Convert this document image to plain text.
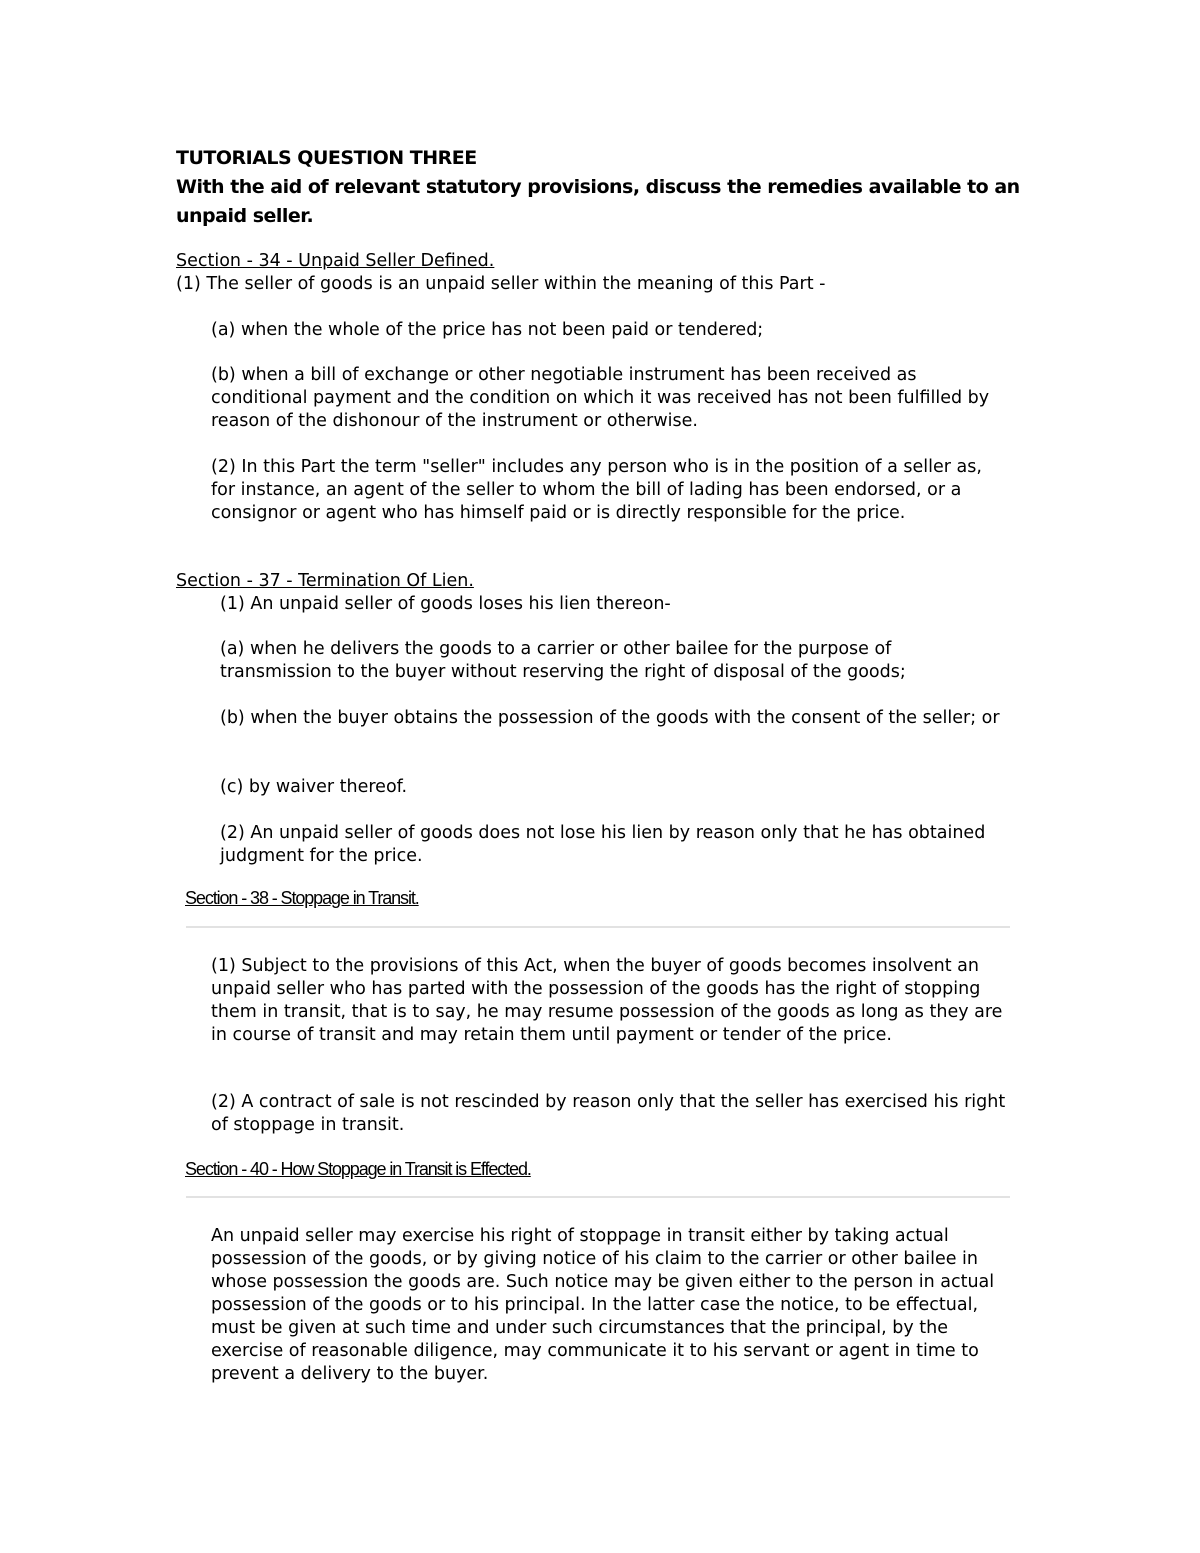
TUTORIALS QUESTION THREE
With the aid of relevant statutory provisions, discuss the remedies available to an unpaid seller.
Section - 34 - Unpaid Seller Defined.
(1) The seller of goods is an unpaid seller within the meaning of this Part -
(a) when the whole of the price has not been paid or tendered;
(b) when a bill of exchange or other negotiable instrument has been received as conditional payment and the condition on which it was received has not been fulfilled by reason of the dishonour of the instrument or otherwise.
(2) In this Part the term "seller" includes any person who is in the position of a seller as, for instance, an agent of the seller to whom the bill of lading has been endorsed, or a consignor or agent who has himself paid or is directly responsible for the price.
Section - 37 - Termination Of Lien.
(1) An unpaid seller of goods loses his lien thereon-
(a) when he delivers the goods to a carrier or other bailee for the purpose of transmission to the buyer without reserving the right of disposal of the goods;
(b) when the buyer obtains the possession of the goods with the consent of the seller; or
(c) by waiver thereof.
(2) An unpaid seller of goods does not lose his lien by reason only that he has obtained judgment for the price.
Section - 38 - Stoppage in Transit.
(1) Subject to the provisions of this Act, when the buyer of goods becomes insolvent an unpaid seller who has parted with the possession of the goods has the right of stopping them in transit, that is to say, he may resume possession of the goods as long as they are in course of transit and may retain them until payment or tender of the price.
(2) A contract of sale is not rescinded by reason only that the seller has exercised his right of stoppage in transit.
Section - 40 - How Stoppage in Transit is Effected.
An unpaid seller may exercise his right of stoppage in transit either by taking actual possession of the goods, or by giving notice of his claim to the carrier or other bailee in whose possession the goods are. Such notice may be given either to the person in actual possession of the goods or to his principal. In the latter case the notice, to be effectual, must be given at such time and under such circumstances that the principal, by the exercise of reasonable diligence, may communicate it to his servant or agent in time to prevent a delivery to the buyer.
